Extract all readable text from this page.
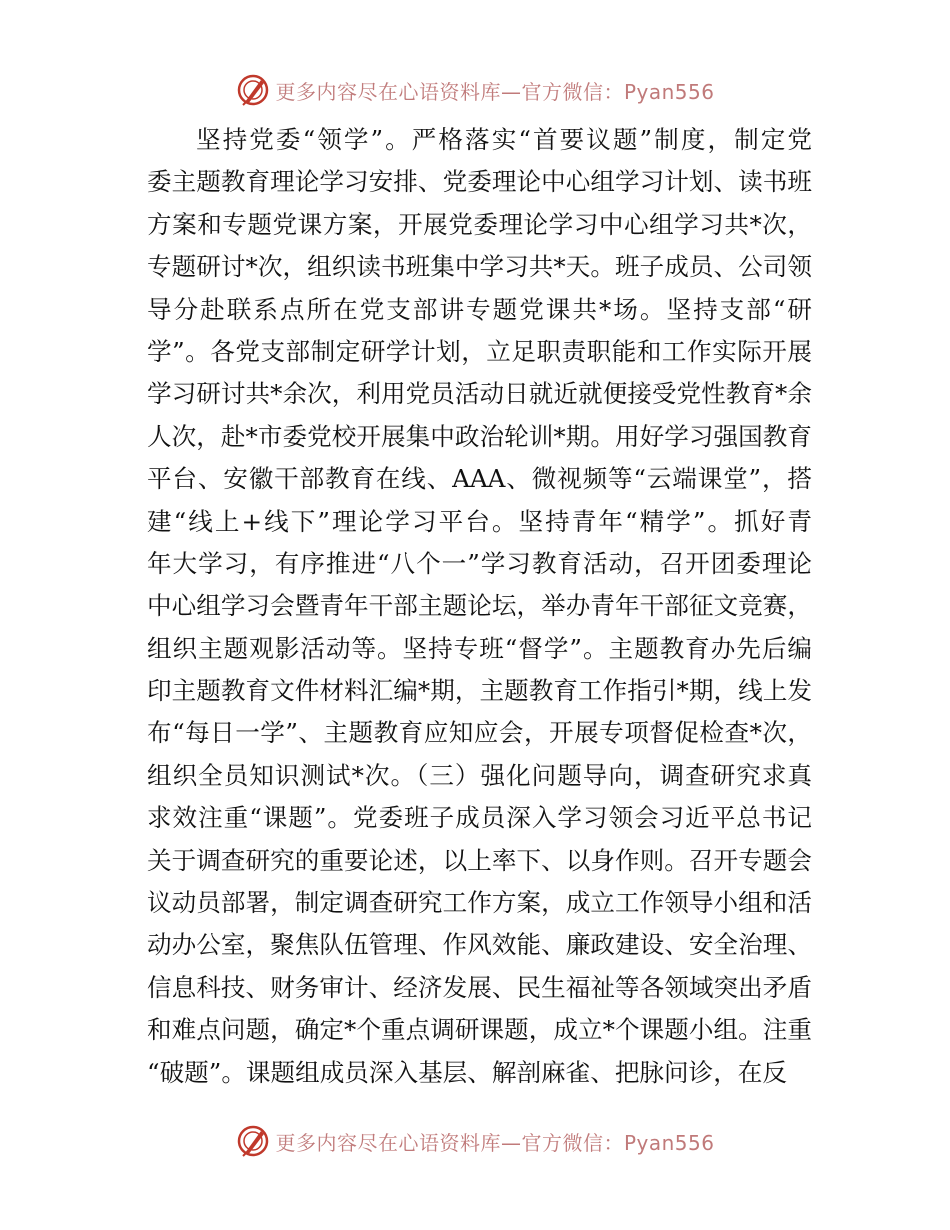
更多内容尽在心语资料库—官方微信：Pyan556
坚持党委“领学”。严格落实“首要议题”制度，制定党
委主题教育理论学习安排、党委理论中心组学习计划、读书班
方案和专题党课方案，开展党委理论学习中心组学习共*次，
专题研讨*次，组织读书班集中学习共*天。班子成员、公司领
导分赴联系点所在党支部讲专题党课共*场。坚持支部“研
学”。各党支部制定研学计划，立足职责职能和工作实际开展
学习研讨共*余次，利用党员活动日就近就便接受党性教育*余
人次，赴*市委党校开展集中政治轮训*期。用好学习强国教育
平台、安徽干部教育在线、AAA、微视频等“云端课堂”，搭
建“线上+线下”理论学习平台。坚持青年“精学”。抓好青
年大学习，有序推进“八个一”学习教育活动，召开团委理论
中心组学习会暨青年干部主题论坛，举办青年干部征文竞赛，
组织主题观影活动等。坚持专班“督学”。主题教育办先后编
印主题教育文件材料汇编*期，主题教育工作指引*期，线上发
布“每日一学”、主题教育应知应会，开展专项督促检查*次，
组织全员知识测试*次。（三）强化问题导向，调查研究求真
求效注重“课题”。党委班子成员深入学习领会习近平总书记
关于调查研究的重要论述，以上率下、以身作则。召开专题会
议动员部署，制定调查研究工作方案，成立工作领导小组和活
动办公室，聚焦队伍管理、作风效能、廉政建设、安全治理、
信息科技、财务审计、经济发展、民生福祉等各领域突出矛盾
和难点问题，确定*个重点调研课题，成立*个课题小组。注重
“破题”。课题组成员深入基层、解剖麻雀、把脉问诊，在反
更多内容尽在心语资料库—官方微信：Pyan556
